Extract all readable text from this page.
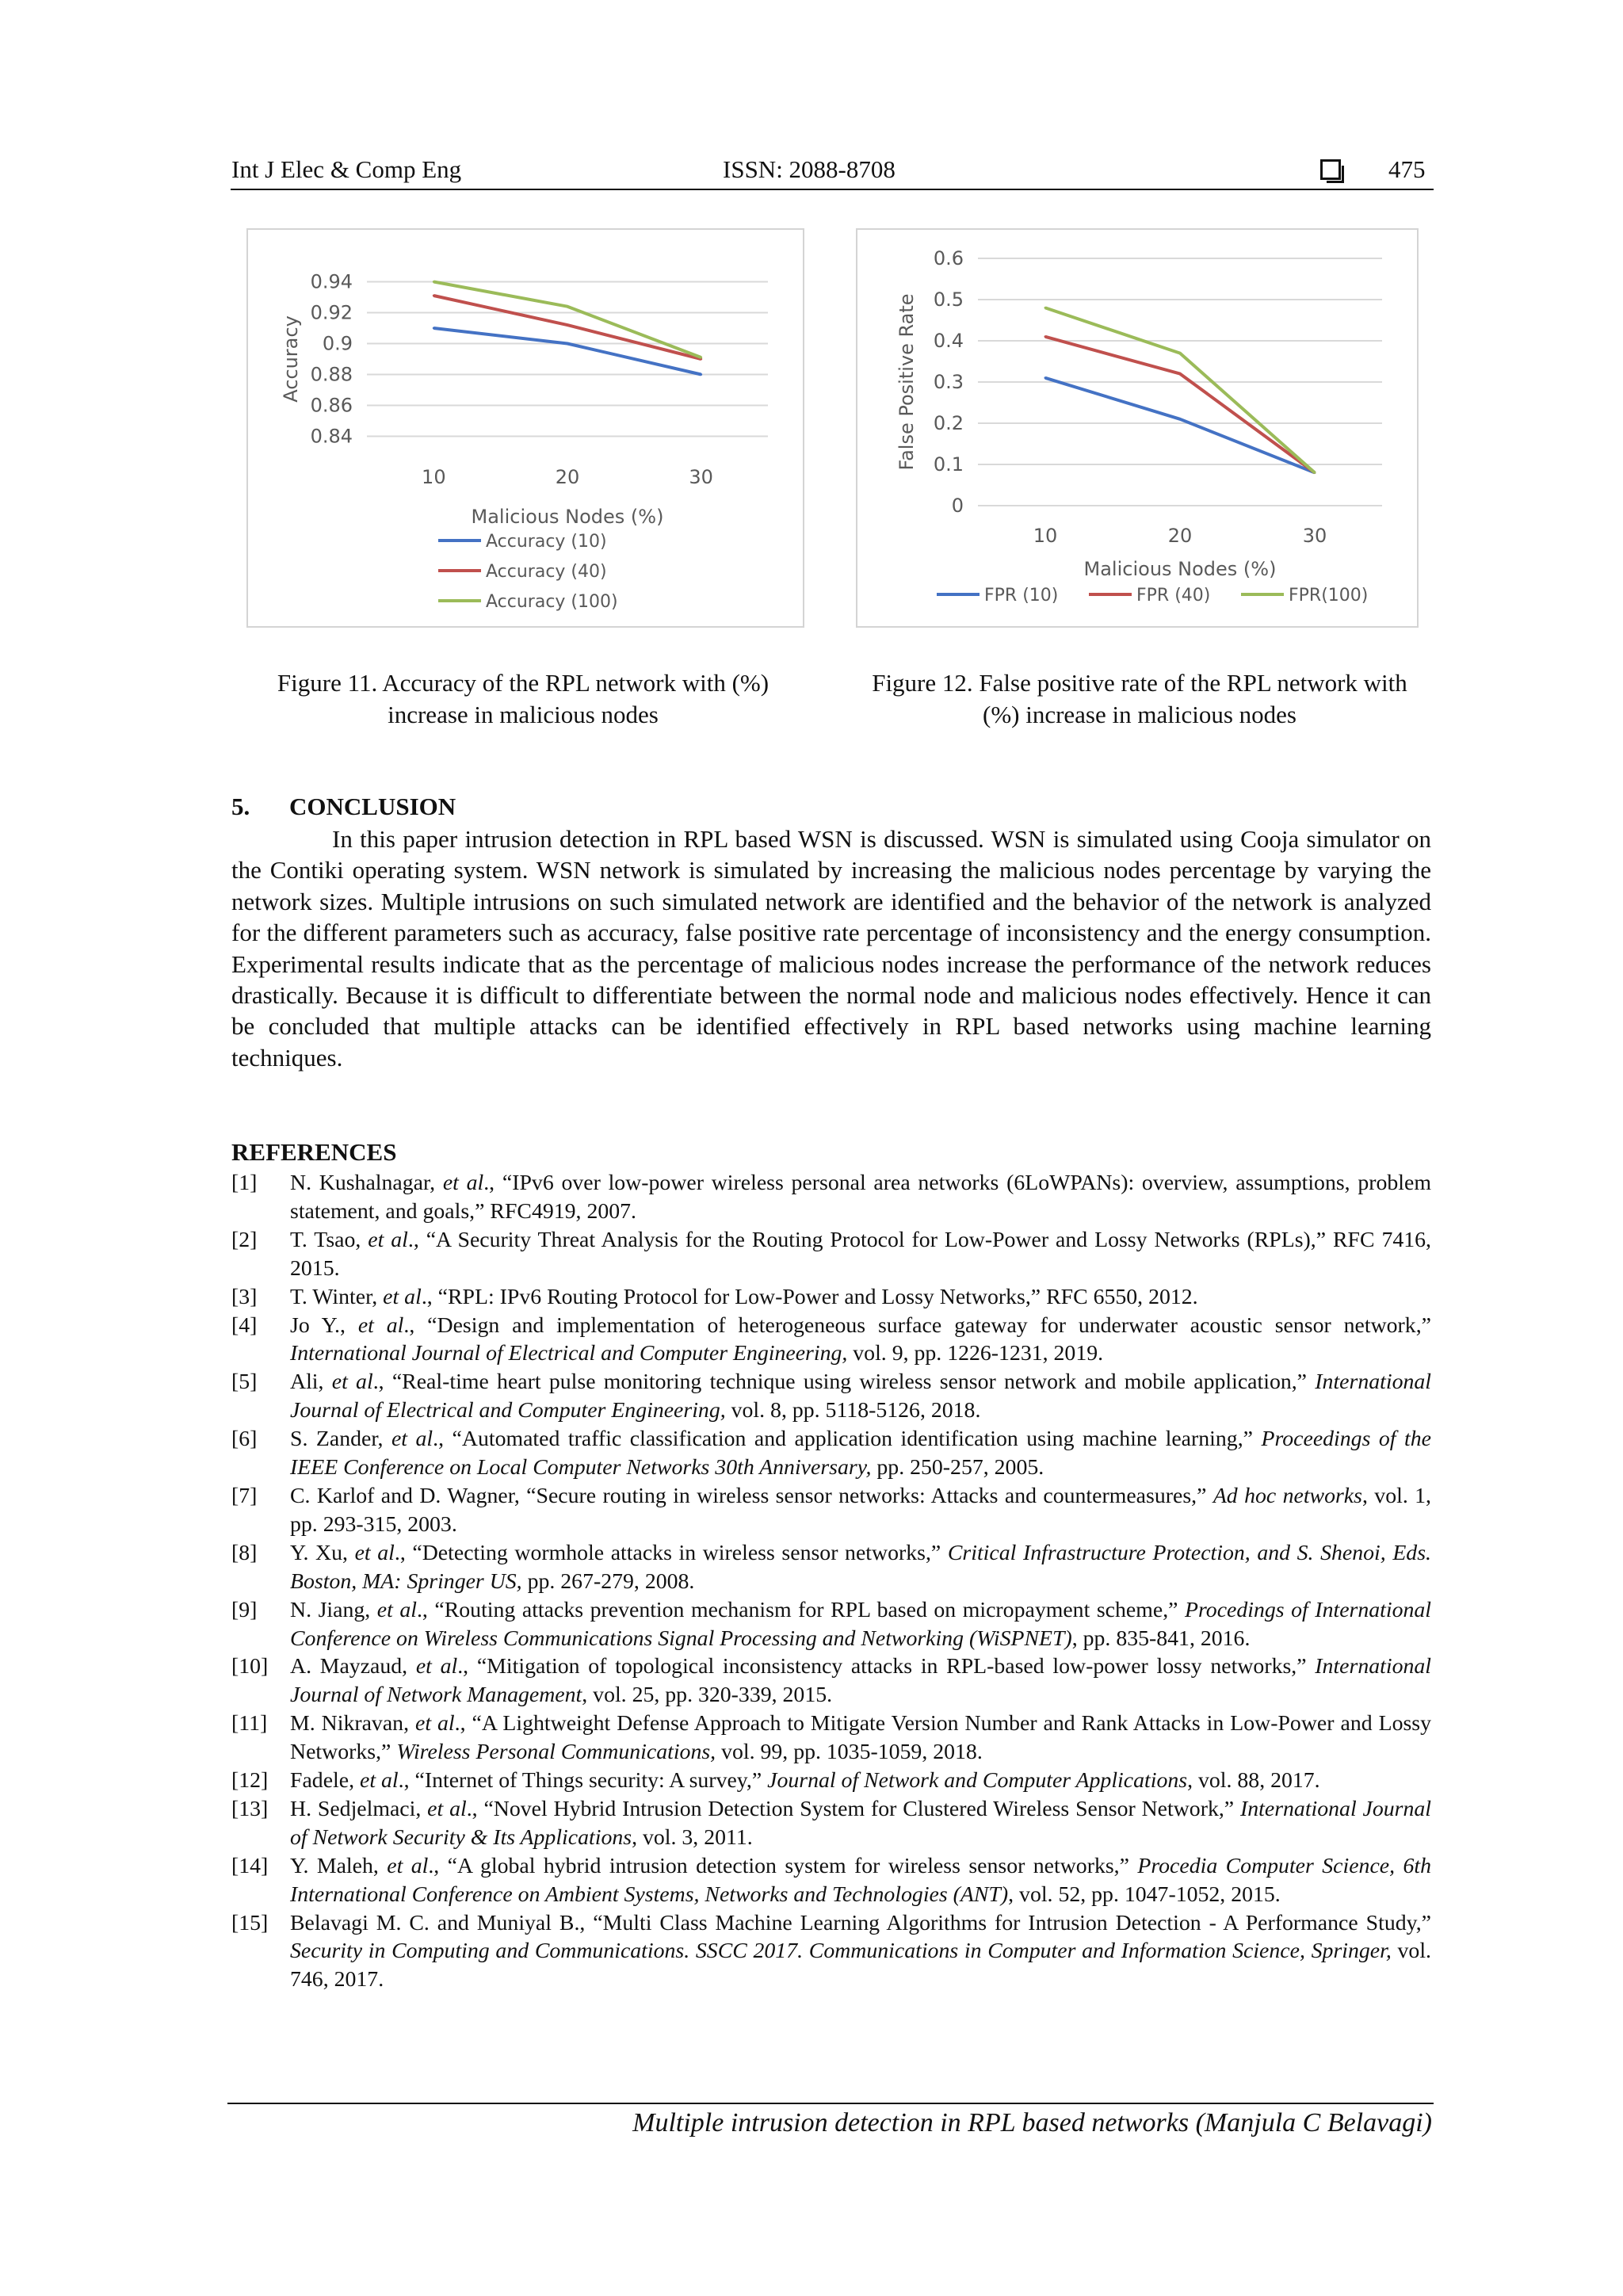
Int J Elec & Comp Eng	ISSN: 2088-8708	475
0.84
0.86
0.88
0.9
0.92
0.94
10	20	30
Malicious Nodes (%)
Accuracy
Accuracy (10)
Accuracy (40)
Accuracy (100)
0
0.1
0.2
0.3
0.4
0.5
0.6
10	20	30
Malicious Nodes (%)
False Positive Rate
FPR (10)	FPR (40)	FPR(100)
Figure 11. Accuracy of the RPL network with (%) increase in malicious nodes
Figure 12. False positive rate of the RPL network with (%) increase in malicious nodes
5. CONCLUSION
In this paper intrusion detection in RPL based WSN is discussed. WSN is simulated using Cooja simulator on the Contiki operating system. WSN network is simulated by increasing the malicious nodes percentage by varying the network sizes. Multiple intrusions on such simulated network are identified and the behavior of the network is analyzed for the different parameters such as accuracy, false positive rate percentage of inconsistency and the energy consumption. Experimental results indicate that as the percentage of malicious nodes increase the performance of the network reduces drastically. Because it is difficult to differentiate between the normal node and malicious nodes effectively. Hence it can be concluded that multiple attacks can be identified effectively in RPL based networks using machine learning techniques.
REFERENCES
[1] N. Kushalnagar, et al., “IPv6 over low-power wireless personal area networks (6LoWPANs): overview, assumptions, problem statement, and goals,” RFC4919, 2007.
[2] T. Tsao, et al., “A Security Threat Analysis for the Routing Protocol for Low-Power and Lossy Networks (RPLs),” RFC 7416, 2015.
[3] T. Winter, et al., “RPL: IPv6 Routing Protocol for Low-Power and Lossy Networks,” RFC 6550, 2012.
[4] Jo Y., et al., “Design and implementation of heterogeneous surface gateway for underwater acoustic sensor network,” International Journal of Electrical and Computer Engineering, vol. 9, pp. 1226-1231, 2019.
[5] Ali, et al., “Real-time heart pulse monitoring technique using wireless sensor network and mobile application,” International Journal of Electrical and Computer Engineering, vol. 8, pp. 5118-5126, 2018.
[6] S. Zander, et al., “Automated traffic classification and application identification using machine learning,” Proceedings of the IEEE Conference on Local Computer Networks 30th Anniversary, pp. 250-257, 2005.
[7] C. Karlof and D. Wagner, “Secure routing in wireless sensor networks: Attacks and countermeasures,” Ad hoc networks, vol. 1, pp. 293-315, 2003.
[8] Y. Xu, et al., “Detecting wormhole attacks in wireless sensor networks,” Critical Infrastructure Protection, and S. Shenoi, Eds. Boston, MA: Springer US, pp. 267-279, 2008.
[9] N. Jiang, et al., “Routing attacks prevention mechanism for RPL based on micropayment scheme,” Procedings of International Conference on Wireless Communications Signal Processing and Networking (WiSPNET), pp. 835-841, 2016.
[10] A. Mayzaud, et al., “Mitigation of topological inconsistency attacks in RPL-based low-power lossy networks,” International Journal of Network Management, vol. 25, pp. 320-339, 2015.
[11] M. Nikravan, et al., “A Lightweight Defense Approach to Mitigate Version Number and Rank Attacks in Low-Power and Lossy Networks,” Wireless Personal Communications, vol. 99, pp. 1035-1059, 2018.
[12] Fadele, et al., “Internet of Things security: A survey,” Journal of Network and Computer Applications, vol. 88, 2017.
[13] H. Sedjelmaci, et al., “Novel Hybrid Intrusion Detection System for Clustered Wireless Sensor Network,” International Journal of Network Security & Its Applications, vol. 3, 2011.
[14] Y. Maleh, et al., “A global hybrid intrusion detection system for wireless sensor networks,” Procedia Computer Science, 6th International Conference on Ambient Systems, Networks and Technologies (ANT), vol. 52, pp. 1047-1052, 2015.
[15] Belavagi M. C. and Muniyal B., “Multi Class Machine Learning Algorithms for Intrusion Detection - A Performance Study,” Security in Computing and Communications. SSCC 2017. Communications in Computer and Information Science, Springer, vol. 746, 2017.
Multiple intrusion detection in RPL based networks (Manjula C Belavagi)
